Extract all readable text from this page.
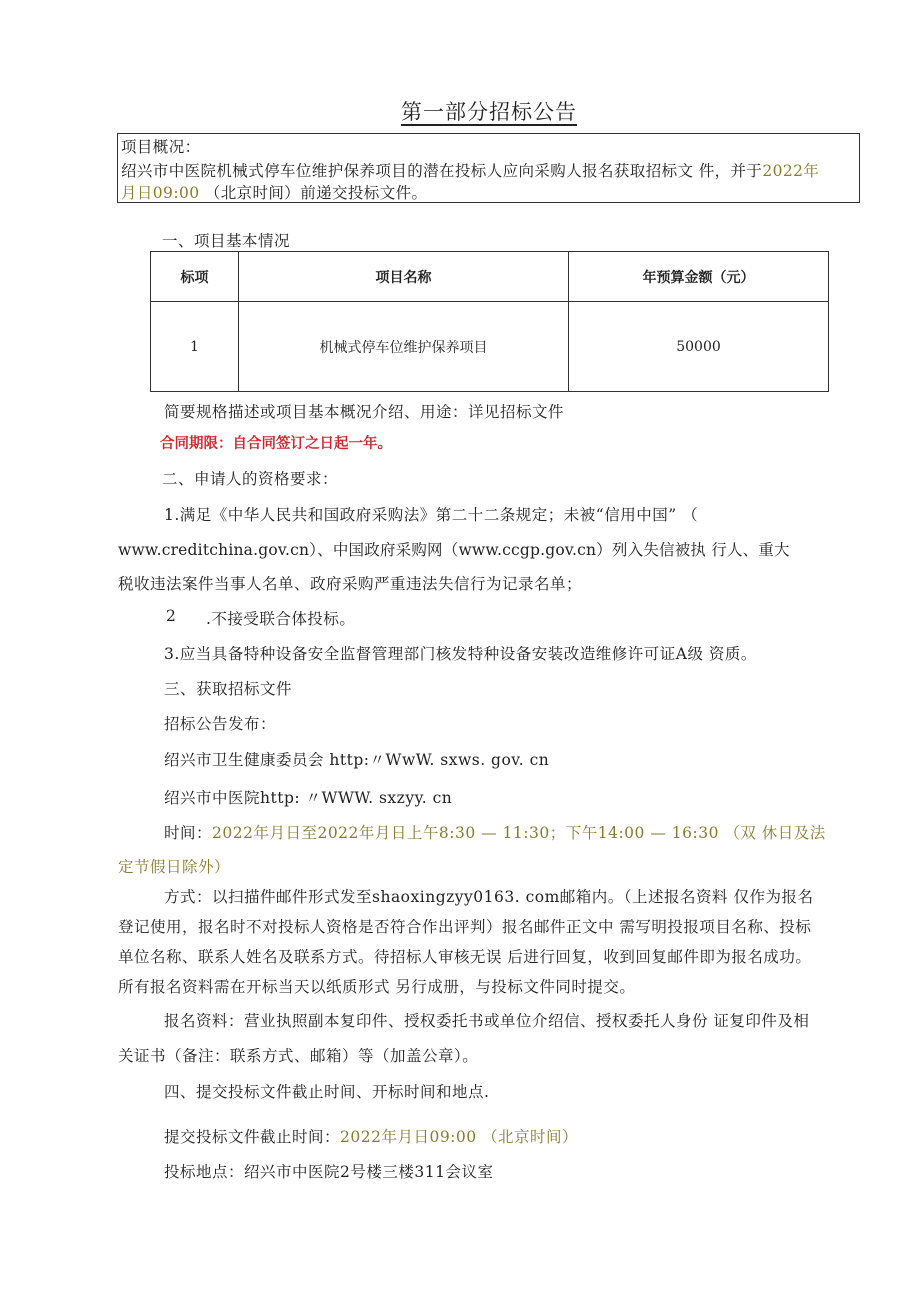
第一部分招标公告
项目概况：
绍兴市中医院机械式停车位维护保养项目的潜在投标人应向采购人报名获取招标文 件，并于2022年
月日09:00 （北京时间）前递交投标文件。
一、项目基本情况
标项	项目名称	年预算金额（元）
1	机械式停车位维护保养项目	50000
简要规格描述或项目基本概况介绍、用途：详见招标文件
合同期限：自合同签订之日起一年。
二、申请人的资格要求：
1.满足《中华人民共和国政府采购法》第二十二条规定；未被“信用中国” （
www.creditchina.gov.cn）、中国政府采购网（www.ccgp.gov.cn）列入失信被执 行人、重大
税收违法案件当事人名单、政府采购严重违法失信行为记录名单；
2 .不接受联合体投标。
3.应当具备特种设备安全监督管理部门核发特种设备安装改造维修许可证A级 资质。
三、获取招标文件
招标公告发布：
绍兴市卫生健康委员会 http:〃WwW. sxws. gov. cn
绍兴市中医院http: 〃WWW. sxzyy. cn
时间：2022年月日至2022年月日上午8:30 — 11:30；下午14:00 — 16:30 （双 休日及法
定节假日除外）
方式：以扫描件邮件形式发至shaoxingzyy0163. com邮箱内。（上述报名资料 仅作为报名
登记使用，报名时不对投标人资格是否符合作出评判）报名邮件正文中 需写明投报项目名称、投标
单位名称、联系人姓名及联系方式。待招标人审核无误 后进行回复，收到回复邮件即为报名成功。
所有报名资料需在开标当天以纸质形式 另行成册，与投标文件同时提交。
报名资料：营业执照副本复印件、授权委托书或单位介绍信、授权委托人身份 证复印件及相
关证书（备注：联系方式、邮箱）等（加盖公章）。
四、提交投标文件截止时间、开标时间和地点.
提交投标文件截止时间：2022年月日09:00 （北京时间）
投标地点：绍兴市中医院2号楼三楼311会议室
